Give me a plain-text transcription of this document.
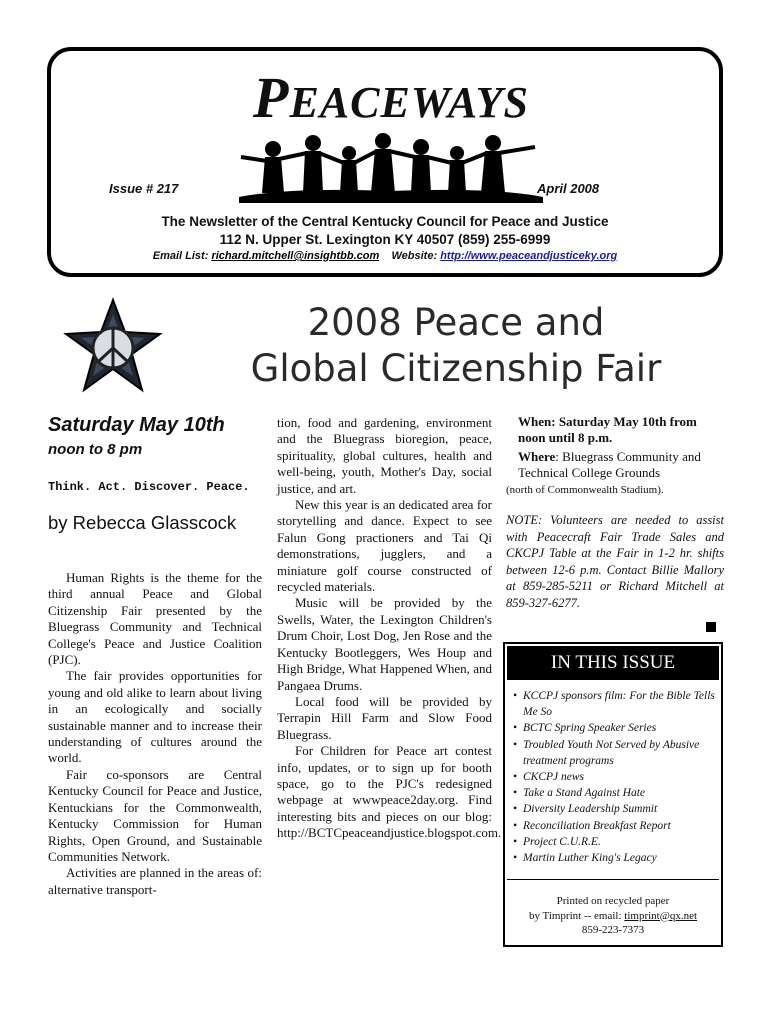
PEACEWAYS
Issue # 217	April 2008
The Newsletter of the Central Kentucky Council for Peace and Justice
112 N. Upper St. Lexington KY 40507 (859) 255-6999
Email List: richard.mitchell@insightbb.com Website: http://www.peaceandjusticeky.org
2008 Peace and
Global Citizenship Fair
Saturday May 10th
noon to 8 pm
Think. Act. Discover. Peace.
by Rebecca Glasscock

Human Rights is the theme for the third annual Peace and Global Citizenship Fair presented by the Bluegrass Community and Technical College's Peace and Justice Coalition (PJC).

The fair provides opportunities for young and old alike to learn about living in an ecologically and socially sustainable manner and to increase their understanding of cultures around the world.

Fair co-sponsors are Central Kentucky Council for Peace and Justice, Kentuckians for the Commonwealth, Kentucky Commission for Human Rights, Open Ground, and Sustainable Communities Network.

Activities are planned in the areas of: alternative transport-

tion, food and gardening, environment and the Bluegrass bioregion, peace, spirituality, global cultures, health and well-being, youth, Mother's Day, social justice, and art.

New this year is an dedicated area for storytelling and dance. Expect to see Falun Gong practioners and Tai Qi demonstrations, jugglers, and a miniature golf course constructed of recycled materials.

Music will be provided by the Swells, Water, the Lexington Children's Drum Choir, Lost Dog, Jen Rose and the Kentucky Bootleggers, Wes Houp and High Bridge, What Happened When, and Pangaea Drums.

Local food will be provided by Terrapin Hill Farm and Slow Food Bluegrass.

For Children for Peace art contest info, updates, or to sign up for booth space, go to the PJC's redesigned webpage at wwwpeace2day.org. Find interesting bits and pieces on our blog: http://BCTCpeaceandjustice.blogspot.com.

When: Saturday May 10th from noon until 8 p.m.
Where: Bluegrass Community and Technical College Grounds
(north of Commonwealth Stadium).
NOTE: Volunteers are needed to assist with Peacecraft Fair Trade Sales and CKCPJ Table at the Fair in 1-2 hr. shifts between 12-6 p.m. Contact Billie Mallory at 859-285-5211 or Richard Mitchell at 859-327-6277.
IN THIS ISSUE
• KCCPJ sponsors film: For the Bible Tells Me So
• BCTC Spring Speaker Series
• Troubled Youth Not Served by Abusive treatment programs
• CKCPJ news
• Take a Stand Against Hate
• Diversity Leadership Summit
• Reconciliation Breakfast Report
• Project C.U.R.E.
• Martin Luther King's Legacy
Printed on recycled paper
by Timprint -- email: timprint@qx.net
859-223-7373
